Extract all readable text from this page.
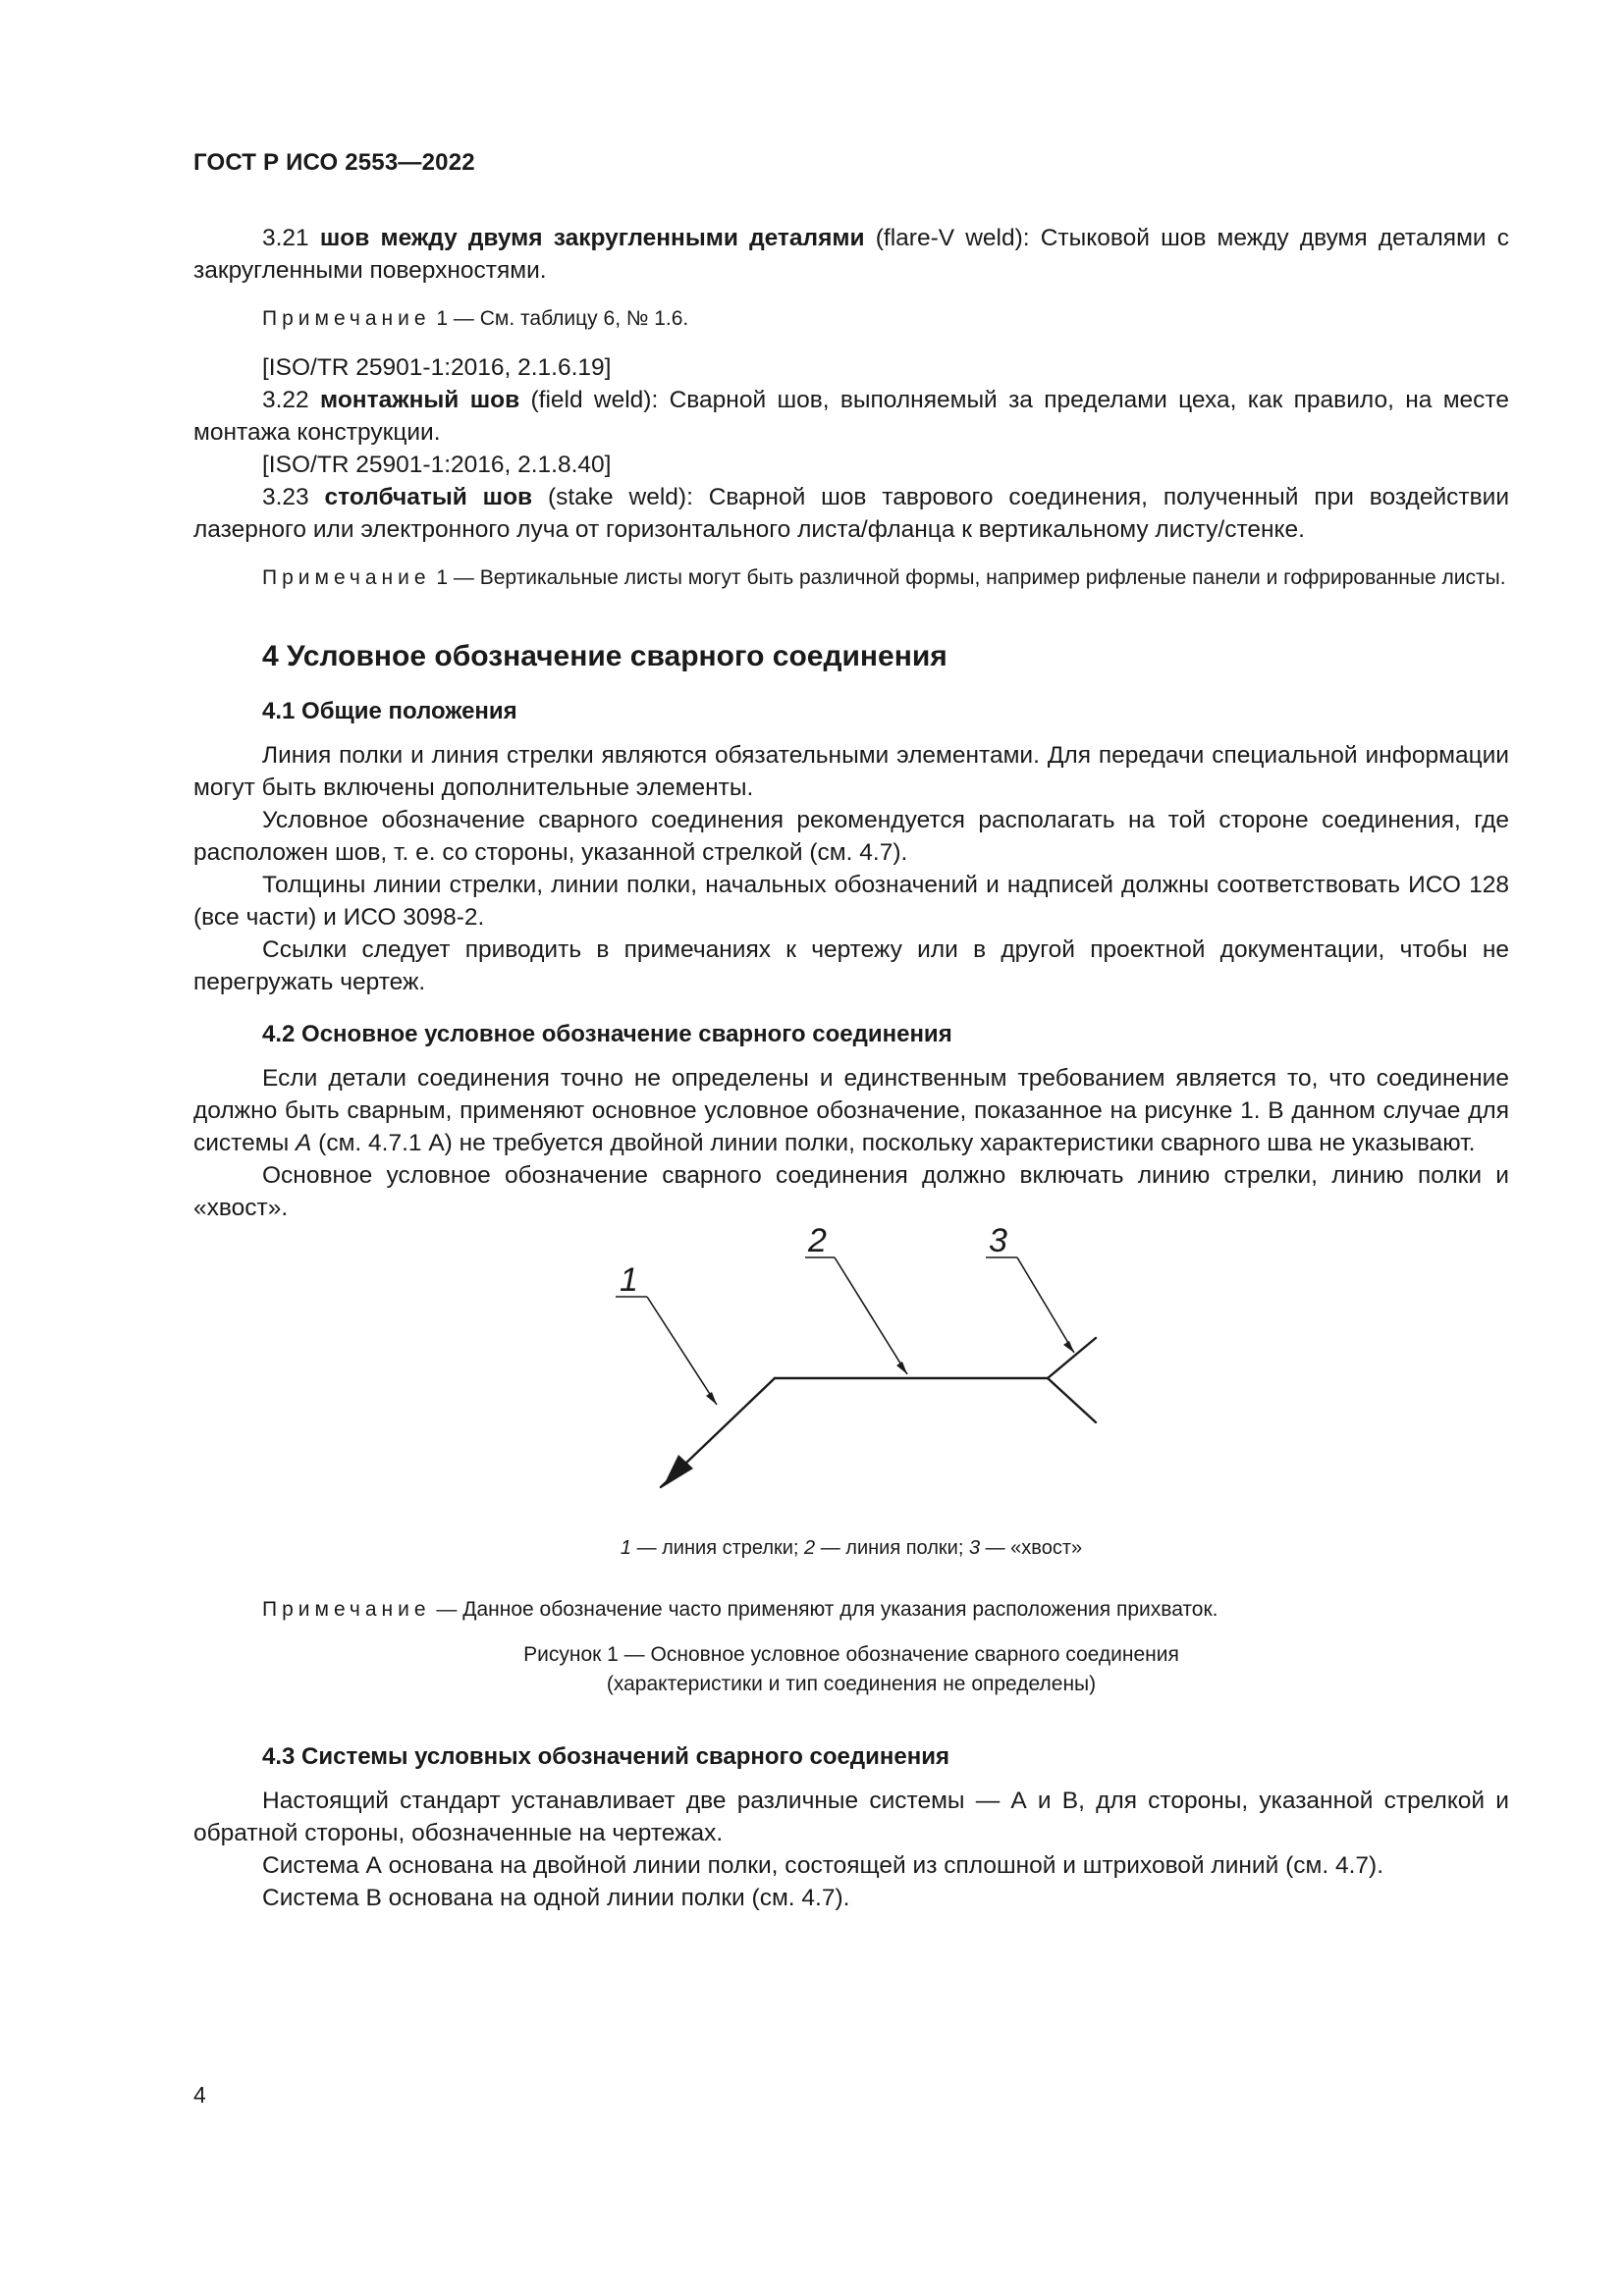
ГОСТ Р ИСО 2553—2022

3.21 шов между двумя закругленными деталями (flare-V weld): Стыковой шов между двумя деталями с закругленными поверхностями.

Примечание 1 — См. таблицу 6, № 1.6.

[ISO/TR 25901-1:2016, 2.1.6.19]

3.22 монтажный шов (field weld): Сварной шов, выполняемый за пределами цеха, как правило, на месте монтажа конструкции.

[ISO/TR 25901-1:2016, 2.1.8.40]

3.23 столбчатый шов (stake weld): Сварной шов таврового соединения, полученный при воздействии лазерного или электронного луча от горизонтального листа/фланца к вертикальному листу/стенке.

Примечание 1 — Вертикальные листы могут быть различной формы, например рифленые панели и гофрированные листы.

4 Условное обозначение сварного соединения
4.1 Общие положения

Линия полки и линия стрелки являются обязательными элементами. Для передачи специальной информации могут быть включены дополнительные элементы.

Условное обозначение сварного соединения рекомендуется располагать на той стороне соединения, где расположен шов, т. е. со стороны, указанной стрелкой (см. 4.7).

Толщины линии стрелки, линии полки, начальных обозначений и надписей должны соответствовать ИСО 128 (все части) и ИСО 3098-2.

Ссылки следует приводить в примечаниях к чертежу или в другой проектной документации, чтобы не перегружать чертеж.

4.2 Основное условное обозначение сварного соединения

Если детали соединения точно не определены и единственным требованием является то, что соединение должно быть сварным, применяют основное условное обозначение, показанное на рисунке 1. В данном случае для системы A (см. 4.7.1 A) не требуется двойной линии полки, поскольку характеристики сварного шва не указывают.

Основное условное обозначение сварного соединения должно включать линию стрелки, линию полки и «хвост».

1
2	3

1 — линия стрелки; 2 — линия полки; 3 — «хвост»

Примечание — Данное обозначение часто применяют для указания расположения прихваток.

Рисунок 1 — Основное условное обозначение сварного соединения
(характеристики и тип соединения не определены)

4.3 Системы условных обозначений сварного соединения

Настоящий стандарт устанавливает две различные системы — А и В, для стороны, указанной стрелкой и обратной стороны, обозначенные на чертежах.

Система А основана на двойной линии полки, состоящей из сплошной и штриховой линий (см. 4.7).

Система В основана на одной линии полки (см. 4.7).

4
